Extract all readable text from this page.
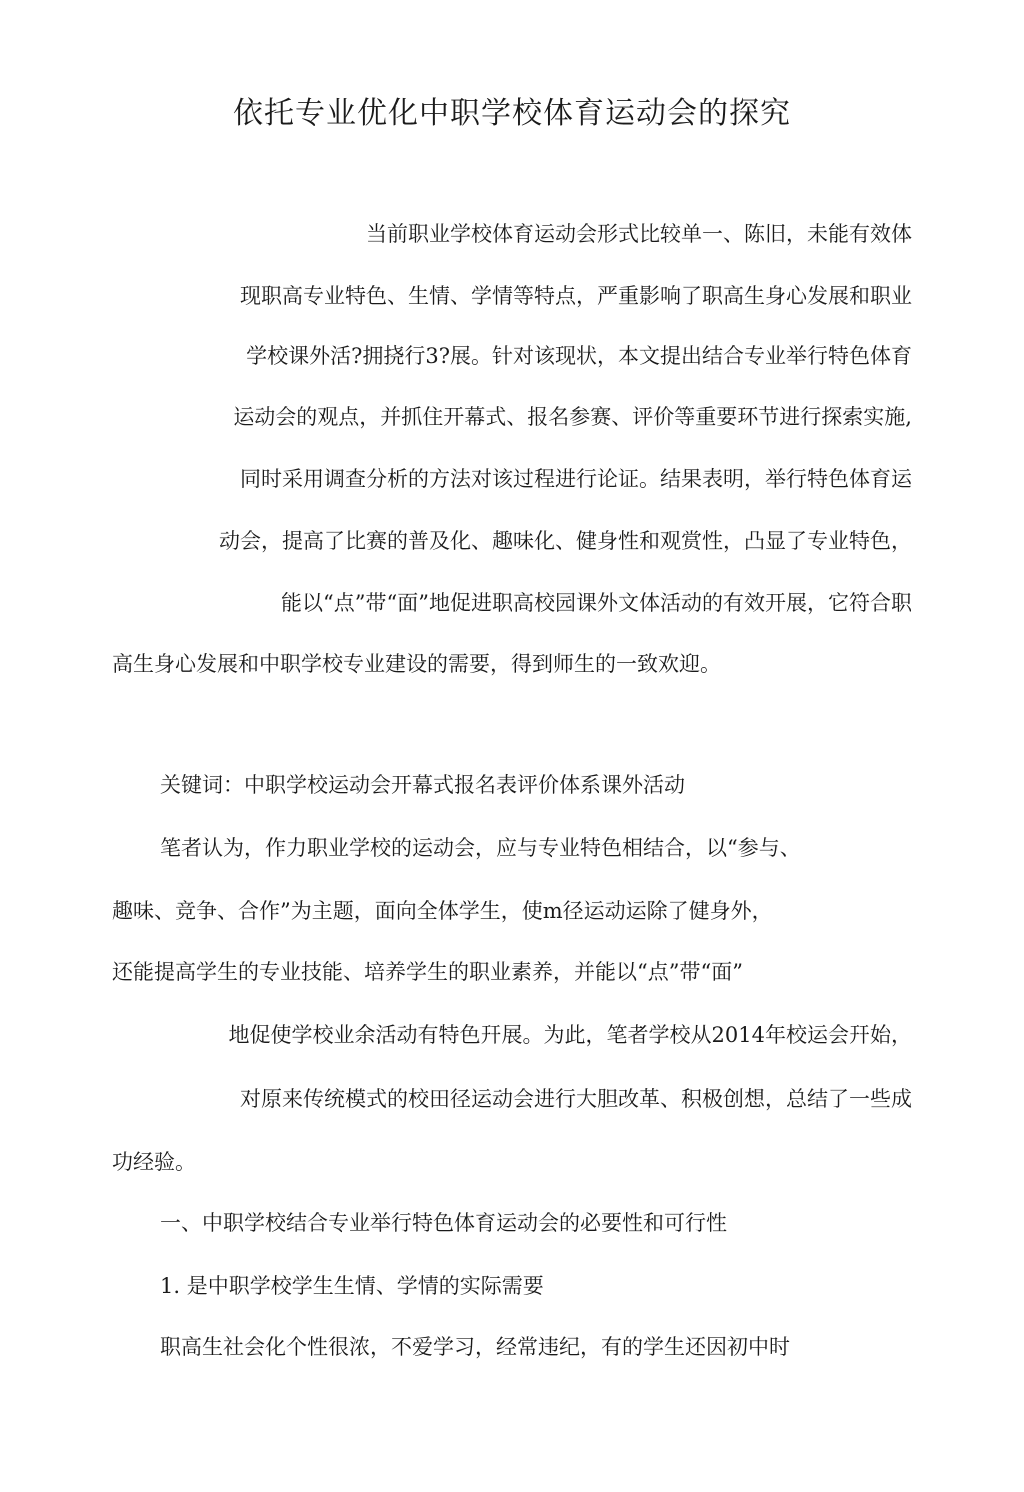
依托专业优化中职学校体育运动会的探究
当前职业学校体育运动会形式比较单一、陈旧，未能有效体
现职高专业特色、生情、学情等特点，严重影响了职高生身心发展和职业
学校课外活?拥挠行3?展。针对该现状，本文提出结合专业举行特色体育
运动会的观点，并抓住开幕式、报名参赛、评价等重要环节进行探索实施,
同时采用调查分析的方法对该过程进行论证。结果表明，举行特色体育运
动会，提高了比赛的普及化、趣味化、健身性和观赏性，凸显了专业特色，
能以“点”带“面”地促进职高校园课外文体活动的有效开展，它符合职
高生身心发展和中职学校专业建设的需要，得到师生的一致欢迎。
关键词：中职学校运动会开幕式报名表评价体系课外活动
笔者认为，作力职业学校的运动会，应与专业特色相结合，以“参与、
趣味、竞争、合作”为主题，面向全体学生，使m径运动运除了健身外，
还能提高学生的专业技能、培养学生的职业素养，并能以“点”带“面”
地促使学校业余活动有特色幵展。为此，笔者学校从2014年校运会幵始，
对原来传统模式的校田径运动会进行大胆改革、积极创想，总结了一些成
功经验。
一、中职学校结合专业举行特色体育运动会的必要性和可行性
1. 是中职学校学生生情、学情的实际需要
职高生社会化个性很浓，不爱学习，经常违纪，有的学生还因初中时
